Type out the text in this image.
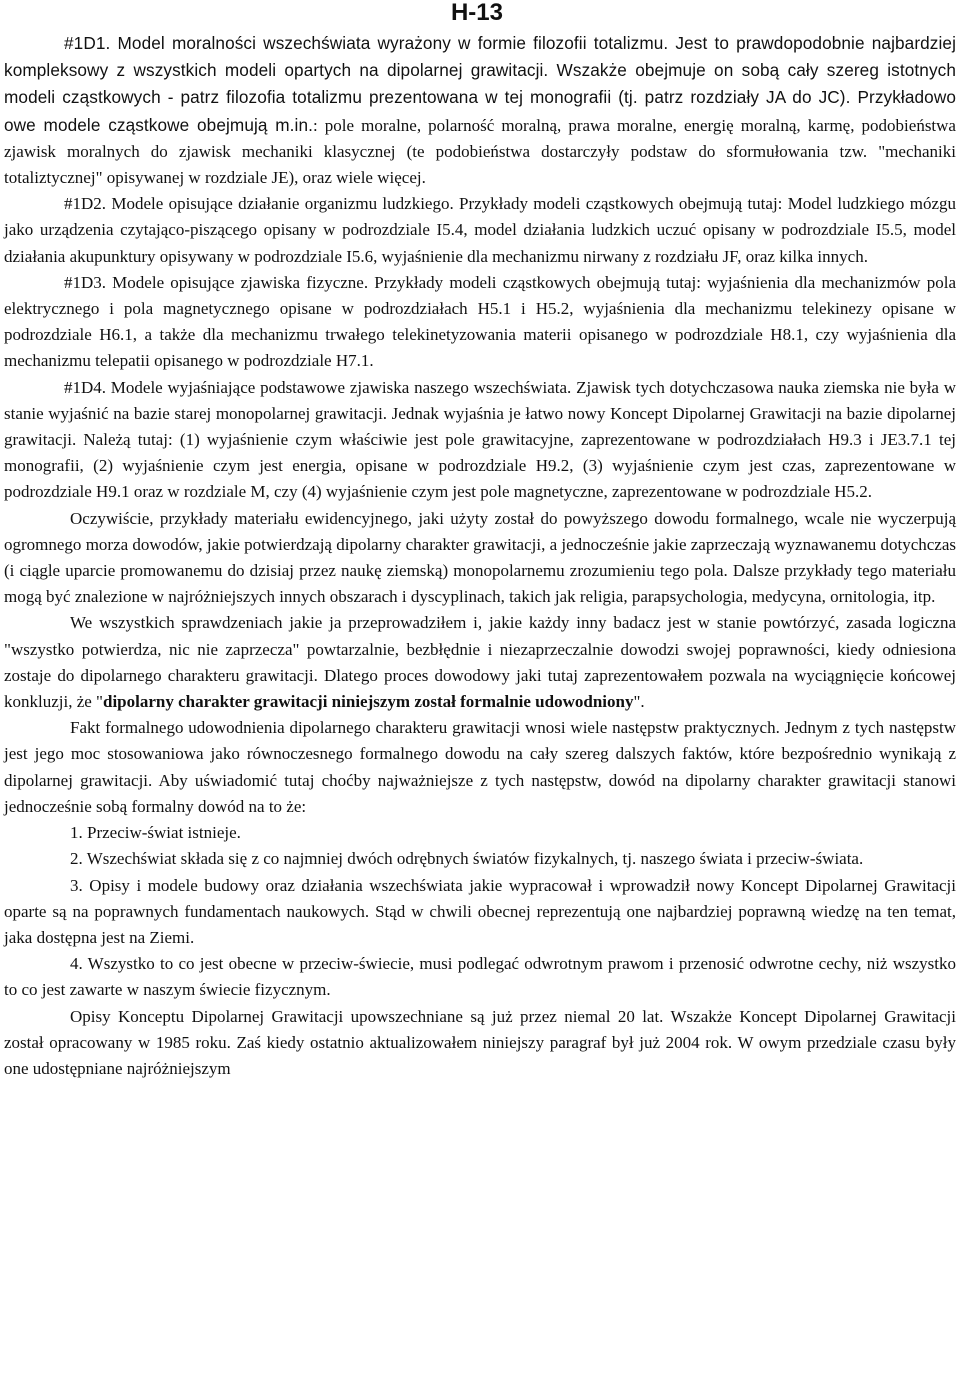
H-13

#1D1. Model moralności wszechświata wyrażony w formie filozofii totalizmu. Jest to prawdopodobnie najbardziej kompleksowy z wszystkich modeli opartych na dipolarnej grawitacji. Wszakże obejmuje on sobą cały szereg istotnych modeli cząstkowych - patrz filozofia totalizmu prezentowana w tej monografii (tj. patrz rozdziały JA do JC). Przykładowo owe modele cząstkowe obejmują m.in.: pole moralne, polarność moralną, prawa moralne, energię moralną, karmę, podobieństwa zjawisk moralnych do zjawisk mechaniki klasycznej (te podobieństwa dostarczyły podstaw do sformułowania tzw. "mechaniki totaliztycznej" opisywanej w rozdziale JE), oraz wiele więcej.

#1D2. Modele opisujące działanie organizmu ludzkiego. Przykłady modeli cząstkowych obejmują tutaj: Model ludzkiego mózgu jako urządzenia czytająco-piszącego opisany w podrozdziale I5.4, model działania ludzkich uczuć opisany w podrozdziale I5.5, model działania akupunktury opisywany w podrozdziale I5.6, wyjaśnienie dla mechanizmu nirwany z rozdziału JF, oraz kilka innych.

#1D3. Modele opisujące zjawiska fizyczne. Przykłady modeli cząstkowych obejmują tutaj: wyjaśnienia dla mechanizmów pola elektrycznego i pola magnetycznego opisane w podrozdziałach H5.1 i H5.2, wyjaśnienia dla mechanizmu telekinezy opisane w podrozdziale H6.1, a także dla mechanizmu trwałego telekinetyzowania materii opisanego w podrozdziale H8.1, czy wyjaśnienia dla mechanizmu telepatii opisanego w podrozdziale H7.1.

#1D4. Modele wyjaśniające podstawowe zjawiska naszego wszechświata. Zjawisk tych dotychczasowa nauka ziemska nie była w stanie wyjaśnić na bazie starej monopolarnej grawitacji. Jednak wyjaśnia je łatwo nowy Koncept Dipolarnej Grawitacji na bazie dipolarnej grawitacji. Należą tutaj: (1) wyjaśnienie czym właściwie jest pole grawitacyjne, zaprezentowane w podrozdziałach H9.3 i JE3.7.1 tej monografii, (2) wyjaśnienie czym jest energia, opisane w podrozdziale H9.2, (3) wyjaśnienie czym jest czas, zaprezentowane w podrozdziale H9.1 oraz w rozdziale M, czy (4) wyjaśnienie czym jest pole magnetyczne, zaprezentowane w podrozdziale H5.2.

Oczywiście, przykłady materiału ewidencyjnego, jaki użyty został do powyższego dowodu formalnego, wcale nie wyczerpują ogromnego morza dowodów, jakie potwierdzają dipolarny charakter grawitacji, a jednocześnie jakie zaprzeczają wyznawanemu dotychczas (i ciągle uparcie promowanemu do dzisiaj przez naukę ziemską) monopolarnemu zrozumieniu tego pola. Dalsze przykłady tego materiału mogą być znalezione w najróżniejszych innych obszarach i dyscyplinach, takich jak religia, parapsychologia, medycyna, ornitologia, itp.

We wszystkich sprawdzeniach jakie ja przeprowadziłem i, jakie każdy inny badacz jest w stanie powtórzyć, zasada logiczna "wszystko potwierdza, nic nie zaprzecza" powtarzalnie, bezbłędnie i niezaprzeczalnie dowodzi swojej poprawności, kiedy odniesiona zostaje do dipolarnego charakteru grawitacji. Dlatego proces dowodowy jaki tutaj zaprezentowałem pozwala na wyciągnięcie końcowej konkluzji, że "dipolarny charakter grawitacji niniejszym został formalnie udowodniony".

Fakt formalnego udowodnienia dipolarnego charakteru grawitacji wnosi wiele następstw praktycznych. Jednym z tych następstw jest jego moc stosowaniowa jako równoczesnego formalnego dowodu na cały szereg dalszych faktów, które bezpośrednio wynikają z dipolarnej grawitacji. Aby uświadomić tutaj choćby najważniejsze z tych następstw, dowód na dipolarny charakter grawitacji stanowi jednocześnie sobą formalny dowód na to że:

1. Przeciw-świat istnieje.

2. Wszechświat składa się z co najmniej dwóch odrębnych światów fizykalnych, tj. naszego świata i przeciw-świata.

3. Opisy i modele budowy oraz działania wszechświata jakie wypracował i wprowadził nowy Koncept Dipolarnej Grawitacji oparte są na poprawnych fundamentach naukowych. Stąd w chwili obecnej reprezentują one najbardziej poprawną wiedzę na ten temat, jaka dostępna jest na Ziemi.

4. Wszystko to co jest obecne w przeciw-świecie, musi podlegać odwrotnym prawom i przenosić odwrotne cechy, niż wszystko to co jest zawarte w naszym świecie fizycznym.

Opisy Konceptu Dipolarnej Grawitacji upowszechniane są już przez niemal 20 lat. Wszakże Koncept Dipolarnej Grawitacji został opracowany w 1985 roku. Zaś kiedy ostatnio aktualizowałem niniejszy paragraf był już 2004 rok. W owym przedziale czasu były one udostępniane najróżniejszym
